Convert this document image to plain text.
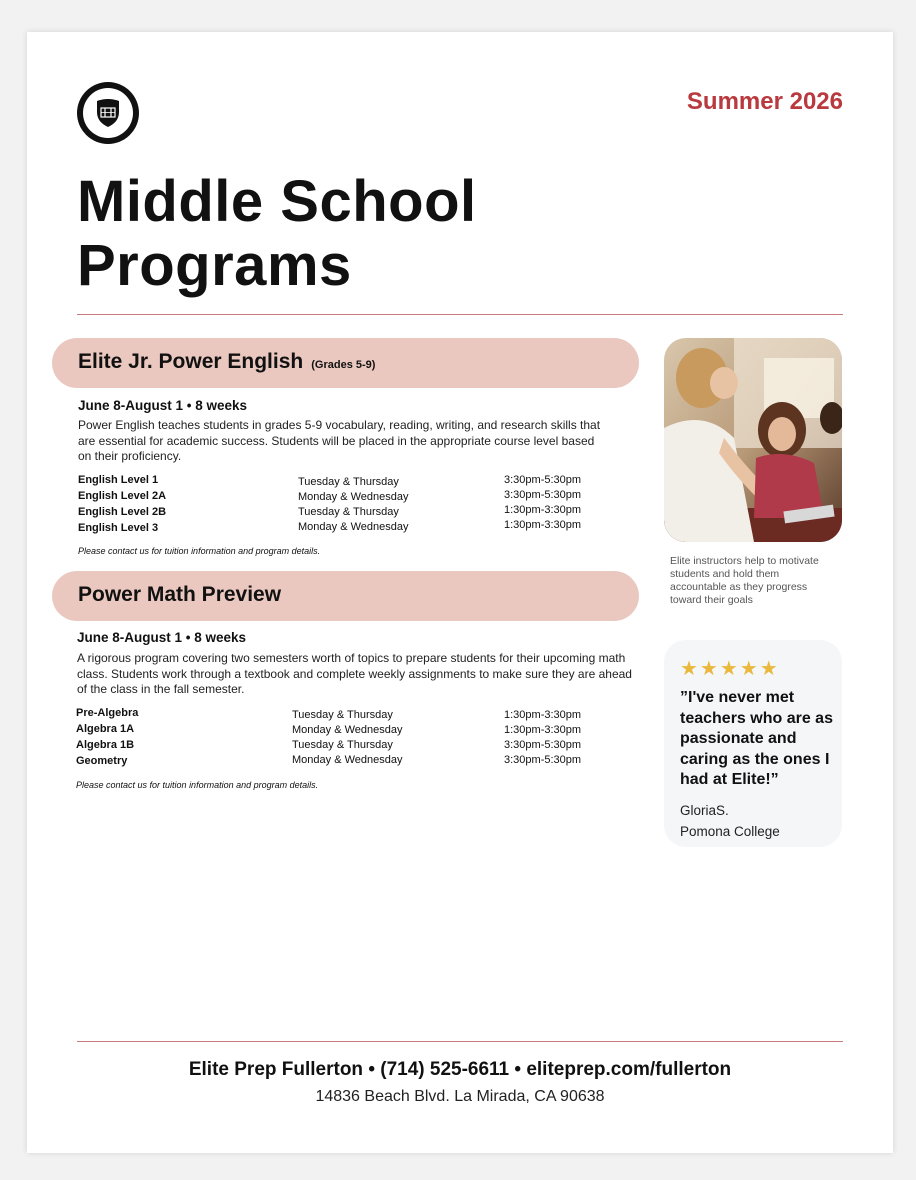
Summer 2026
Middle School
Programs
Elite Jr. Power English (Grades 5-9)
June 8-August 1 • 8 weeks
Power English teaches students in grades 5-9 vocabulary, reading, writing, and research skills that are essential for academic success. Students will be placed in the appropriate course level based on their proficiency.
English Level 1	Tuesday & Thursday	3:30pm-5:30pm
English Level 2A	Monday & Wednesday	3:30pm-5:30pm
English Level 2B	Tuesday & Thursday	1:30pm-3:30pm
English Level 3	Monday & Wednesday	1:30pm-3:30pm
Please contact us for tuition information and program details.
Power Math Preview
June 8-August 1 • 8 weeks
A rigorous program covering two semesters worth of topics to prepare students for their upcoming math class. Students work through a textbook and complete weekly assignments to make sure they are ahead of the class in the fall semester.
Pre-Algebra	Tuesday & Thursday	1:30pm-3:30pm
Algebra 1A	Monday & Wednesday	1:30pm-3:30pm
Algebra 1B	Tuesday & Thursday	3:30pm-5:30pm
Geometry	Monday & Wednesday	3:30pm-5:30pm
Please contact us for tuition information and program details.
Elite instructors help to motivate students and hold them accountable as they progress toward their goals
★★★★★
”I've never met teachers who are as passionate and caring as the ones I had at Elite!”
GloriaS.
Pomona College
Elite Prep Fullerton • (714) 525-6611 • eliteprep.com/fullerton
14836 Beach Blvd. La Mirada, CA 90638
